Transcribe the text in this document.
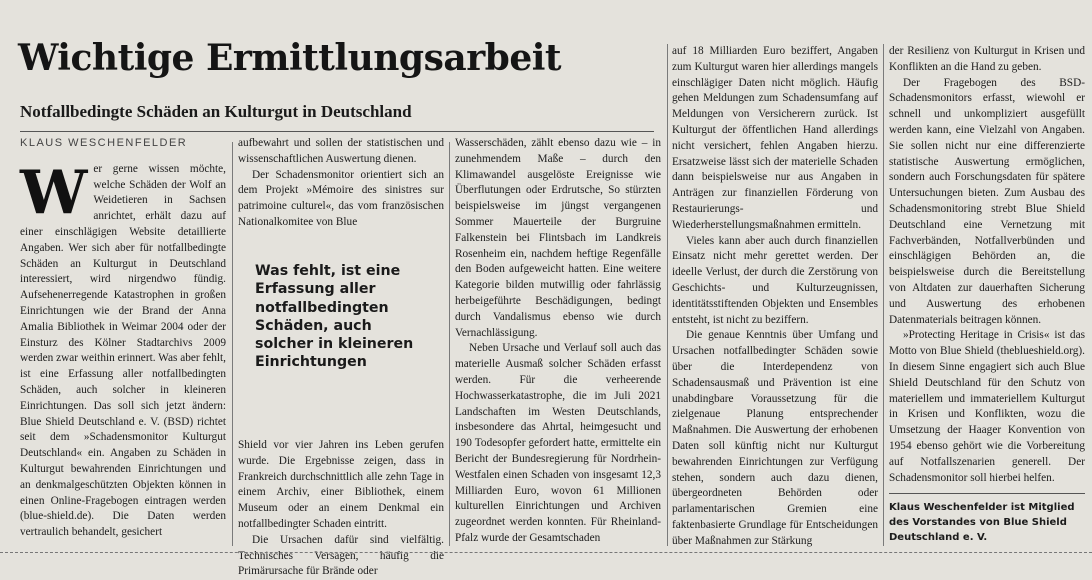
Wichtige Ermittlungsarbeit
Notfallbedingte Schäden an Kulturgut in Deutschland

KLAUS WESCHENFELDER

Wer gerne wissen möchte, welche Schäden der Wolf an Weidetieren in Sachsen anrichtet, erhält dazu auf einer einschlägigen Website detaillierte Angaben. Wer sich aber für notfallbedingte Schäden an Kulturgut in Deutschland interessiert, wird nirgendwo fündig. Aufsehenerregende Katastrophen in großen Einrichtungen wie der Brand der Anna Amalia Bibliothek in Weimar 2004 oder der Einsturz des Kölner Stadtarchivs 2009 werden zwar weithin erinnert. Was aber fehlt, ist eine Erfassung aller notfallbedingten Schäden, auch solcher in kleineren Einrichtungen. Das soll sich jetzt ändern: Blue Shield Deutschland e. V. (BSD) richtet seit dem »Schadensmonitor Kulturgut Deutschland« ein. Angaben zu Schäden in Kulturgut bewahrenden Einrichtungen und an denkmalgeschützten Objekten können in einen Online-Fragebogen eintragen werden (blue-shield.de). Die Daten werden vertraulich behandelt, gesichert

aufbewahrt und sollen der statistischen und wissenschaftlichen Auswertung dienen.

Der Schadensmonitor orientiert sich an dem Projekt »Mémoire des sinistres sur patrimoine culturel«, das vom französischen Nationalkomitee von Blue

Was fehlt, ist eine Erfassung aller notfallbedingten Schäden, auch solcher in kleineren Einrichtungen

Shield vor vier Jahren ins Leben gerufen wurde. Die Ergebnisse zeigen, dass in Frankreich durchschnittlich alle zehn Tage in einem Archiv, einer Bibliothek, einem Museum oder an einem Denkmal ein notfallbedingter Schaden eintritt.

Die Ursachen dafür sind vielfältig. Technisches Versagen, häufig die Primärursache für Brände oder

Wasserschäden, zählt ebenso dazu wie – in zunehmendem Maße – durch den Klimawandel ausgelöste Ereignisse wie Überflutungen oder Erdrutsche, So stürzten beispielsweise im jüngst vergangenen Sommer Mauerteile der Burgruine Falkenstein bei Flintsbach im Landkreis Rosenheim ein, nachdem heftige Regenfälle den Boden aufgeweicht hatten. Eine weitere Kategorie bilden mutwillig oder fahrlässig herbeigeführte Beschädigungen, bedingt durch Vandalismus ebenso wie durch Vernachlässigung.

Neben Ursache und Verlauf soll auch das materielle Ausmaß solcher Schäden erfasst werden. Für die verheerende Hochwasserkatastrophe, die im Juli 2021 Landschaften im Westen Deutschlands, insbesondere das Ahrtal, heimgesucht und 190 Todesopfer gefordert hatte, ermittelte ein Bericht der Bundesregierung für Nordrhein-Westfalen einen Schaden von insgesamt 12,3 Milliarden Euro, wovon 61 Millionen kulturellen Einrichtungen und Archiven zugeordnet werden konnten. Für Rheinland-Pfalz wurde der Gesamtschaden

auf 18 Milliarden Euro beziffert, Angaben zum Kulturgut waren hier allerdings mangels einschlägiger Daten nicht möglich. Häufig gehen Meldungen zum Schadensumfang auf Meldungen von Versicherern zurück. Ist Kulturgut der öffentlichen Hand allerdings nicht versichert, fehlen Angaben hierzu. Ersatzweise lässt sich der materielle Schaden dann beispielsweise nur aus Angaben in Anträgen zur finanziellen Förderung von Restaurierungs- und Wiederherstellungsmaßnahmen ermitteln.

Vieles kann aber auch durch finanziellen Einsatz nicht mehr gerettet werden. Der ideelle Verlust, der durch die Zerstörung von Geschichts- und Kulturzeugnissen, identitätsstiftenden Objekten und Ensembles entsteht, ist nicht zu beziffern.

Die genaue Kenntnis über Umfang und Ursachen notfallbedingter Schäden sowie über die Interdependenz von Schadensausmaß und Prävention ist eine unabdingbare Voraussetzung für die zielgenaue Planung entsprechender Maßnahmen. Die Auswertung der erhobenen Daten soll künftig nicht nur Kulturgut bewahrenden Einrichtungen zur Verfügung stehen, sondern auch dazu dienen, übergeordneten Behörden oder parlamentarischen Gremien eine faktenbasierte Grundlage für Entscheidungen über Maßnahmen zur Stärkung

der Resilienz von Kulturgut in Krisen und Konflikten an die Hand zu geben.

Der Fragebogen des BSD-Schadensmonitors erfasst, wiewohl er schnell und unkompliziert ausgefüllt werden kann, eine Vielzahl von Angaben. Sie sollen nicht nur eine differenzierte statistische Auswertung ermöglichen, sondern auch Forschungsdaten für spätere Untersuchungen bieten. Zum Ausbau des Schadensmonitoring strebt Blue Shield Deutschland eine Vernetzung mit Fachverbänden, Notfallverbünden und einschlägigen Behörden an, die beispielsweise durch die Bereitstellung von Altdaten zur dauerhaften Sicherung und Auswertung des erhobenen Datenmaterials beitragen können.

»Protecting Heritage in Crisis« ist das Motto von Blue Shield (theblueshield.org). In diesem Sinne engagiert sich auch Blue Shield Deutschland für den Schutz von materiellem und immateriellem Kulturgut in Krisen und Konflikten, wozu die Umsetzung der Haager Konvention von 1954 ebenso gehört wie die Vorbereitung auf Notfallszenarien generell. Der Schadensmonitor soll hierbei helfen.

Klaus Weschenfelder ist Mitglied des Vorstandes von Blue Shield Deutschland e. V.
